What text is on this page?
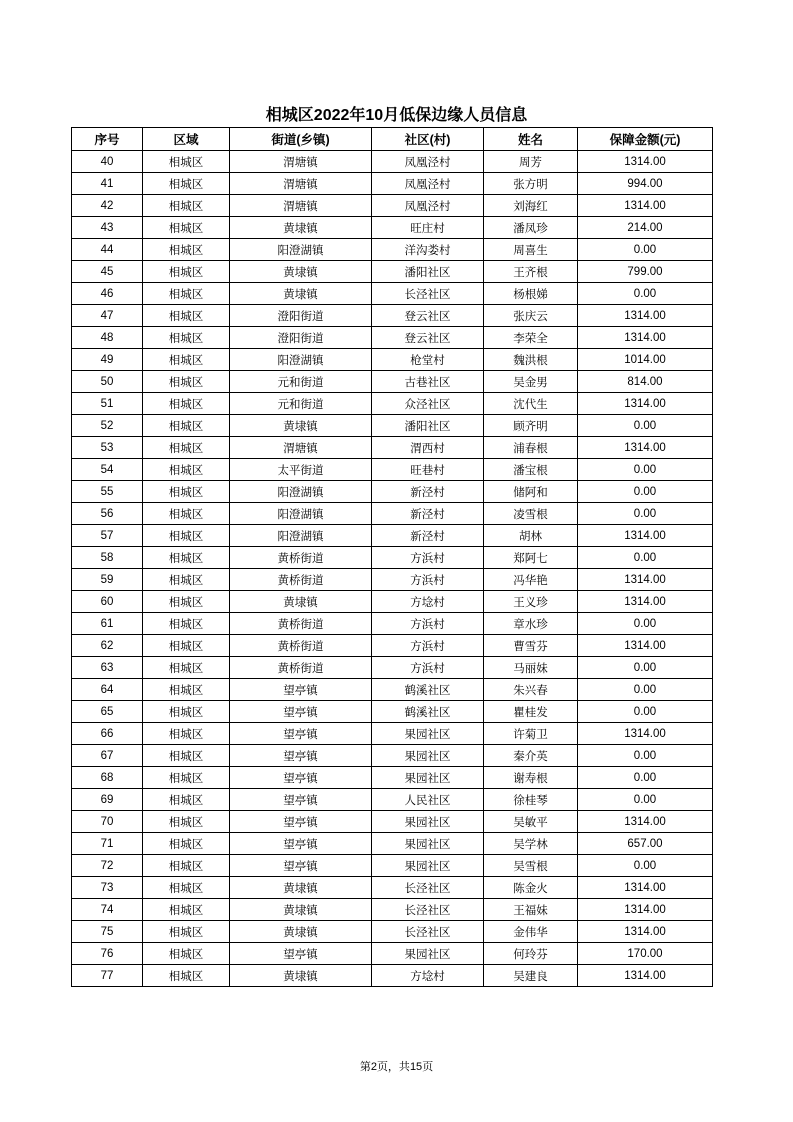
相城区2022年10月低保边缘人员信息
序号	区域	街道(乡镇)	社区(村)	姓名	保障金额(元)
40	相城区	渭塘镇	凤凰泾村	周芳	1314.00
41	相城区	渭塘镇	凤凰泾村	张方明	994.00
42	相城区	渭塘镇	凤凰泾村	刘海红	1314.00
43	相城区	黄埭镇	旺庄村	潘凤珍	214.00
44	相城区	阳澄湖镇	洋沟娄村	周喜生	0.00
45	相城区	黄埭镇	潘阳社区	王齐根	799.00
46	相城区	黄埭镇	长泾社区	杨根娣	0.00
47	相城区	澄阳街道	登云社区	张庆云	1314.00
48	相城区	澄阳街道	登云社区	李荣全	1314.00
49	相城区	阳澄湖镇	枪堂村	魏洪根	1014.00
50	相城区	元和街道	古巷社区	吴金男	814.00
51	相城区	元和街道	众泾社区	沈代生	1314.00
52	相城区	黄埭镇	潘阳社区	顾齐明	0.00
53	相城区	渭塘镇	渭西村	浦春根	1314.00
54	相城区	太平街道	旺巷村	潘宝根	0.00
55	相城区	阳澄湖镇	新泾村	储阿和	0.00
56	相城区	阳澄湖镇	新泾村	凌雪根	0.00
57	相城区	阳澄湖镇	新泾村	胡林	1314.00
58	相城区	黄桥街道	方浜村	郑阿七	0.00
59	相城区	黄桥街道	方浜村	冯华艳	1314.00
60	相城区	黄埭镇	方埝村	王义珍	1314.00
61	相城区	黄桥街道	方浜村	章水珍	0.00
62	相城区	黄桥街道	方浜村	曹雪芬	1314.00
63	相城区	黄桥街道	方浜村	马丽妹	0.00
64	相城区	望亭镇	鹤溪社区	朱兴春	0.00
65	相城区	望亭镇	鹤溪社区	瞿桂发	0.00
66	相城区	望亭镇	果园社区	许菊卫	1314.00
67	相城区	望亭镇	果园社区	秦介英	0.00
68	相城区	望亭镇	果园社区	谢寿根	0.00
69	相城区	望亭镇	人民社区	徐桂琴	0.00
70	相城区	望亭镇	果园社区	吴敏平	1314.00
71	相城区	望亭镇	果园社区	吴学林	657.00
72	相城区	望亭镇	果园社区	吴雪根	0.00
73	相城区	黄埭镇	长泾社区	陈金火	1314.00
74	相城区	黄埭镇	长泾社区	王福妹	1314.00
75	相城区	黄埭镇	长泾社区	金伟华	1314.00
76	相城区	望亭镇	果园社区	何玲芬	170.00
77	相城区	黄埭镇	方埝村	吴建良	1314.00
第2页，共15页
